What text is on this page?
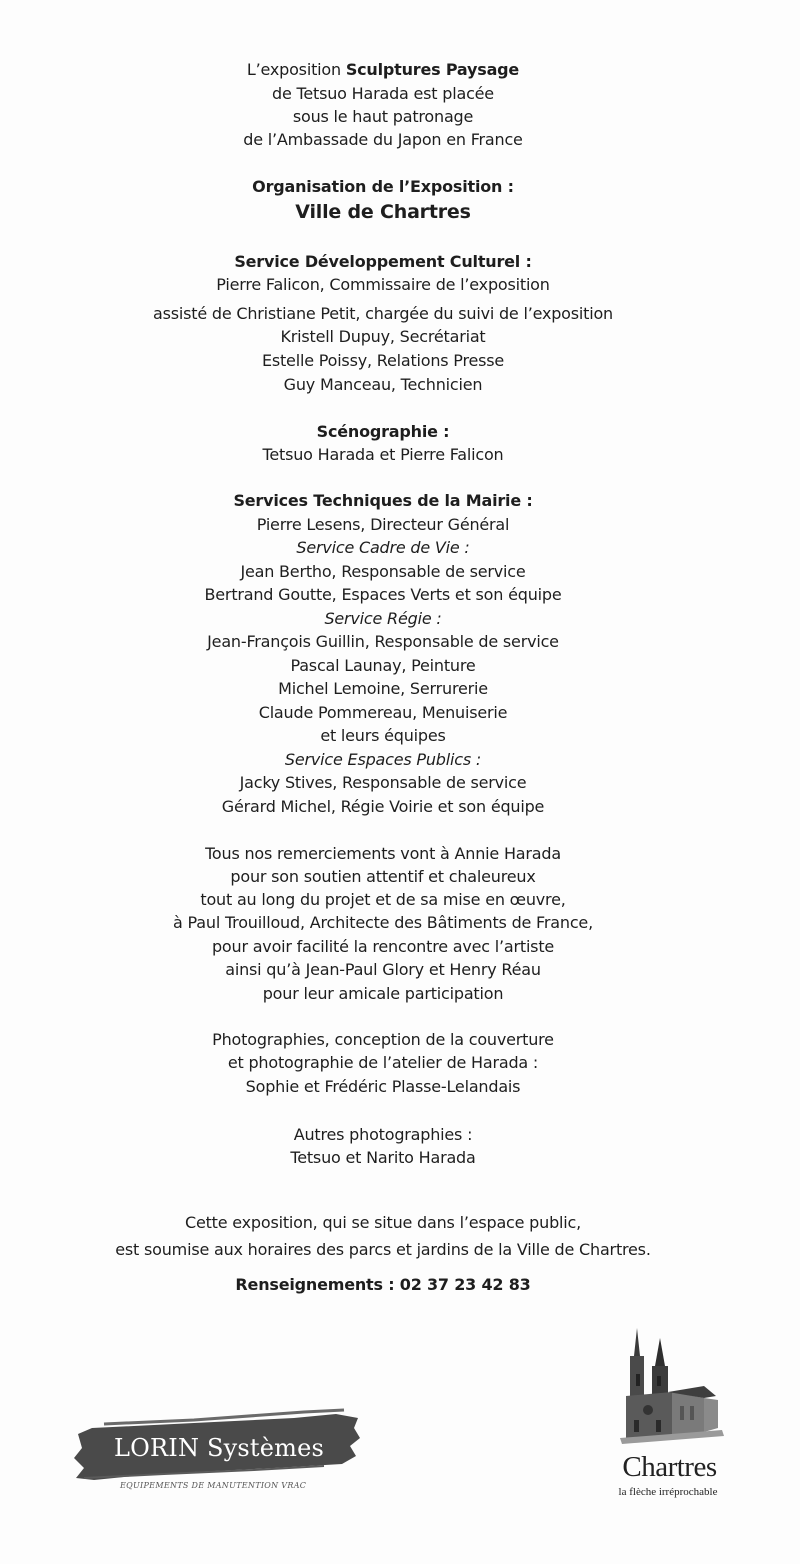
L’exposition Sculptures Paysage
de Tetsuo Harada est placée
sous le haut patronage
de l’Ambassade du Japon en France
Organisation de l’Exposition :
Ville de Chartres
Service Développement Culturel :
Pierre Falicon, Commissaire de l’exposition
assisté de Christiane Petit, chargée du suivi de l’exposition
Kristell Dupuy, Secrétariat
Estelle Poissy, Relations Presse
Guy Manceau, Technicien
Scénographie :
Tetsuo Harada et Pierre Falicon
Services Techniques de la Mairie :
Pierre Lesens, Directeur Général
Service Cadre de Vie :
Jean Bertho, Responsable de service
Bertrand Goutte, Espaces Verts et son équipe
Service Régie :
Jean-François Guillin, Responsable de service
Pascal Launay, Peinture
Michel Lemoine, Serrurerie
Claude Pommereau, Menuiserie
et leurs équipes
Service Espaces Publics :
Jacky Stives, Responsable de service
Gérard Michel, Régie Voirie et son équipe
Tous nos remerciements vont à Annie Harada
pour son soutien attentif et chaleureux
tout au long du projet et de sa mise en œuvre,
à Paul Trouilloud, Architecte des Bâtiments de France,
pour avoir facilité la rencontre avec l’artiste
ainsi qu’à Jean-Paul Glory et Henry Réau
pour leur amicale participation
Photographies, conception de la couverture
et photographie de l’atelier de Harada :
Sophie et Frédéric Plasse-Lelandais
Autres photographies :
Tetsuo et Narito Harada
Cette exposition, qui se situe dans l’espace public,
est soumise aux horaires des parcs et jardins de la Ville de Chartres.
Renseignements : 02 37 23 42 83
LORIN Systèmes
EQUIPEMENTS DE MANUTENTION VRAC
Chartres
la flèche irréprochable
